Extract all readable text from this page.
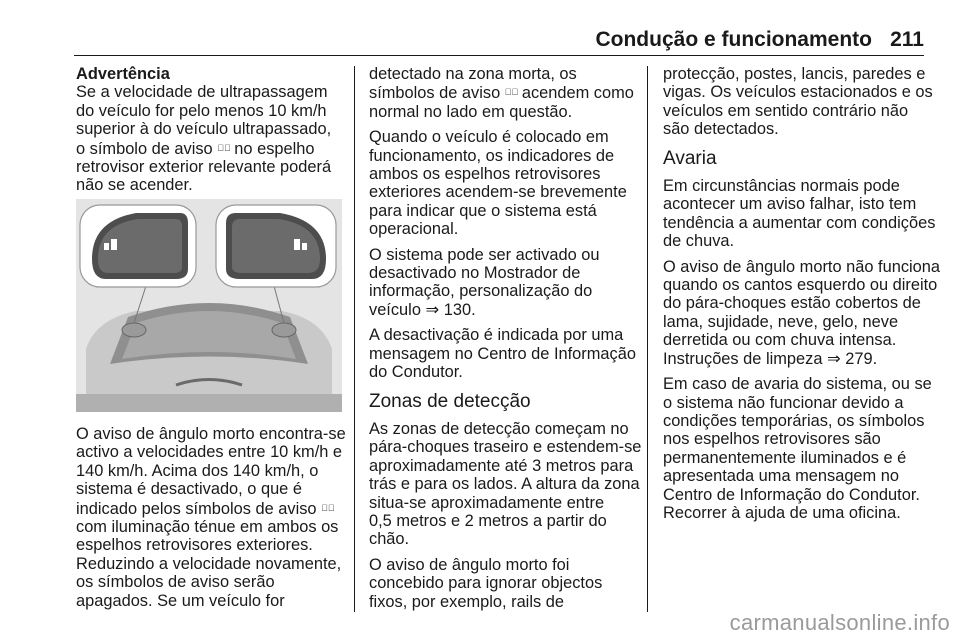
Condução e funcionamento 211
Advertência
Se a velocidade de ultrapassagem
do veículo for pelo menos 10 km/h
superior à do veículo ultrapassado,
o símbolo de aviso ⇶⃞ no espelho
retrovisor exterior relevante poderá
não se acender.
O aviso de ângulo morto encontra-se
activo a velocidades entre 10 km/h e
140 km/h. Acima dos 140 km/h, o
sistema é desactivado, o que é
indicado pelos símbolos de aviso ⇶⃞
com iluminação ténue em ambos os
espelhos retrovisores exteriores.
Reduzindo a velocidade novamente,
os símbolos de aviso serão
apagados. Se um veículo for
detectado na zona morta, os
símbolos de aviso ⇶⃞ acendem como
normal no lado em questão.
Quando o veículo é colocado em
funcionamento, os indicadores de
ambos os espelhos retrovisores
exteriores acendem-se brevemente
para indicar que o sistema está
operacional.
O sistema pode ser activado ou
desactivado no Mostrador de
informação, personalização do
veículo ⇒ 130.
A desactivação é indicada por uma
mensagem no Centro de Informação
do Condutor.
Zonas de detecção
As zonas de detecção começam no
pára-choques traseiro e estendem-se
aproximadamente até 3 metros para
trás e para os lados. A altura da zona
situa-se aproximadamente entre
0,5 metros e 2 metros a partir do
chão.
O aviso de ângulo morto foi
concebido para ignorar objectos
fixos, por exemplo, rails de
protecção, postes, lancis, paredes e
vigas. Os veículos estacionados e os
veículos em sentido contrário não
são detectados.
Avaria
Em circunstâncias normais pode
acontecer um aviso falhar, isto tem
tendência a aumentar com condições
de chuva.
O aviso de ângulo morto não funciona
quando os cantos esquerdo ou direito
do pára-choques estão cobertos de
lama, sujidade, neve, gelo, neve
derretida ou com chuva intensa.
Instruções de limpeza ⇒ 279.
Em caso de avaria do sistema, ou se
o sistema não funcionar devido a
condições temporárias, os símbolos
nos espelhos retrovisores são
permanentemente iluminados e é
apresentada uma mensagem no
Centro de Informação do Condutor.
Recorrer à ajuda de uma oficina.
carmanualsonline.info
